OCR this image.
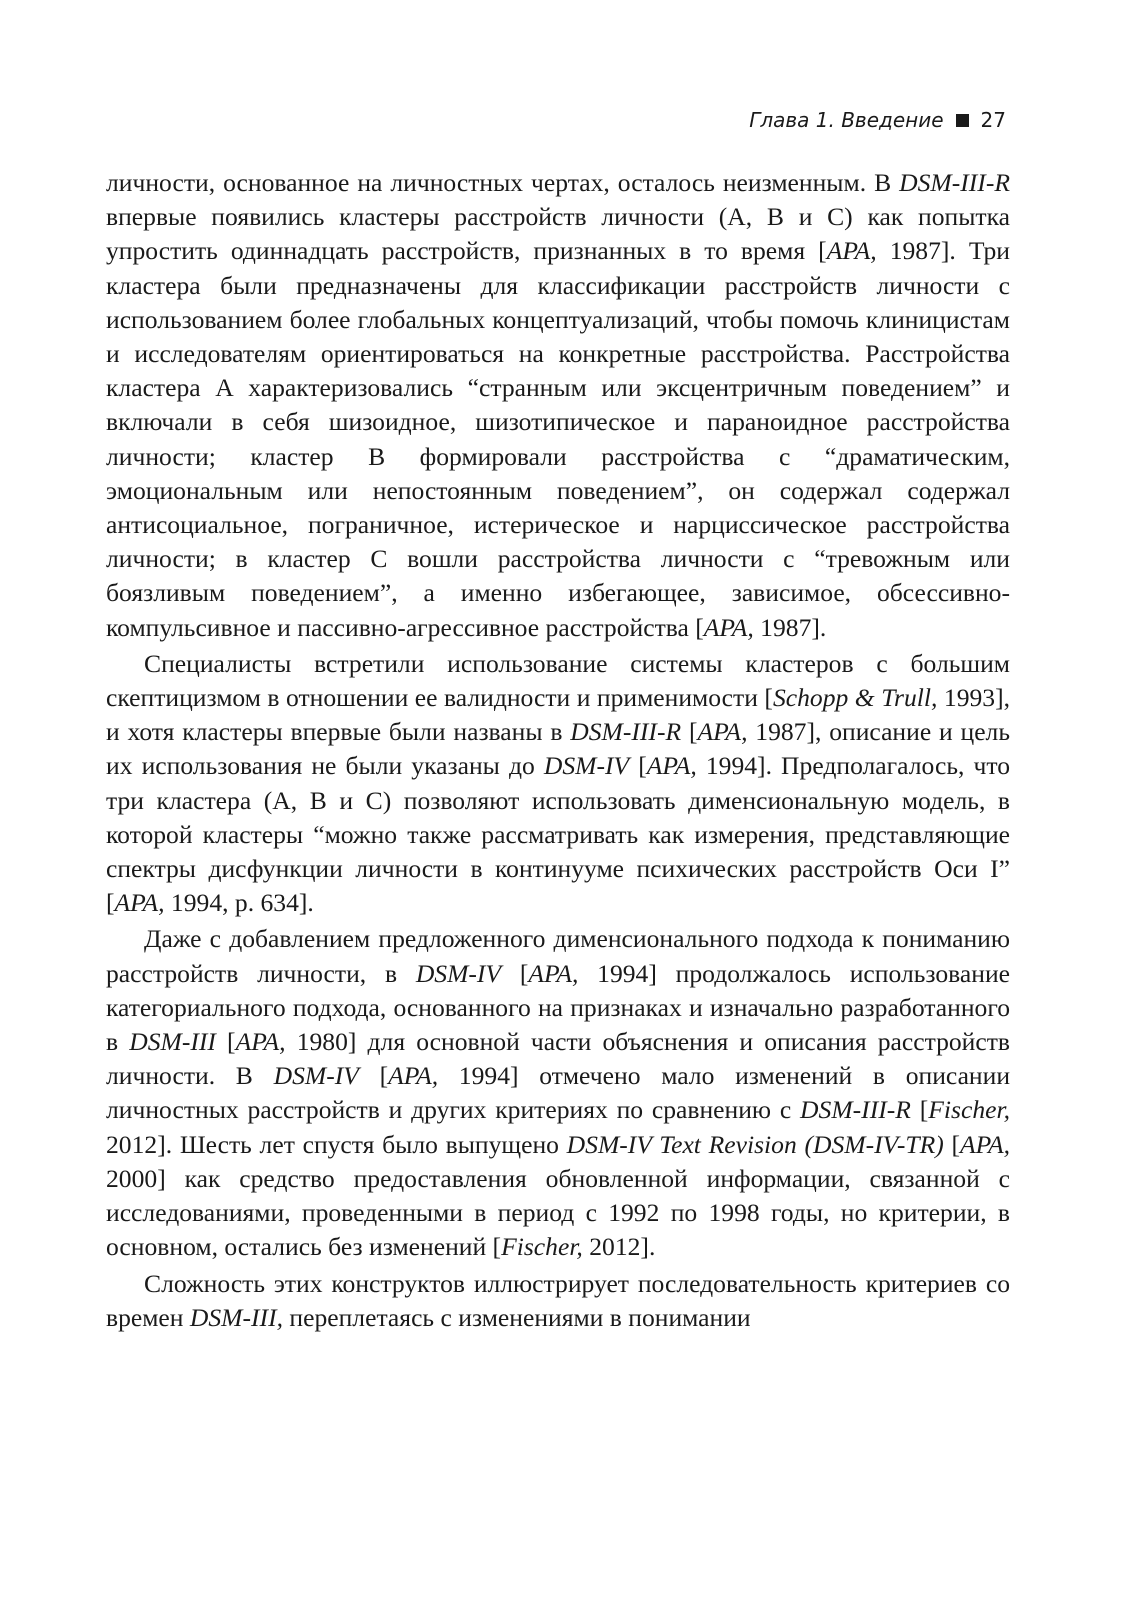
Глава 1. Введение 27

личности, основанное на личностных чертах, осталось неизменным. В DSM-III-R впервые появились кластеры расстройств личности (А, В и С) как попытка упростить одиннадцать расстройств, признанных в то время [APA, 1987]. Три кластера были предназначены для классификации расстройств личности с использованием более глобальных концептуализаций, чтобы помочь клиницистам и исследователям ориентироваться на конкретные расстройства. Расстройства кластера А характеризовались “странным или эксцентричным поведением” и включали в себя шизоидное, шизотипическое и параноидное расстройства личности; кластер В формировали расстройства с “драматическим, эмоциональным или непостоянным поведением”, он содержал содержал антисоциальное, пограничное, истерическое и нарциссическое расстройства личности; в кластер С вошли расстройства личности с “тревожным или боязливым поведением”, а именно избегающее, зависимое, обсессивно-компульсивное и пассивно-агрессивное расстройства [APA, 1987].

Специалисты встретили использование системы кластеров с большим скептицизмом в отношении ее валидности и применимости [Schopp & Trull, 1993], и хотя кластеры впервые были названы в DSM-III-R [APA, 1987], описание и цель их использования не были указаны до DSM-IV [APA, 1994]. Предполагалось, что три кластера (А, В и С) позволяют использовать дименсиональную модель, в которой кластеры “можно также рассматривать как измерения, представляющие спектры дисфункции личности в континууме психических расстройств Оси I” [APA, 1994, p. 634].

Даже с добавлением предложенного дименсионального подхода к пониманию расстройств личности, в DSM-IV [APA, 1994] продолжалось использование категориального подхода, основанного на признаках и изначально разработанного в DSM-III [APA, 1980] для основной части объяснения и описания расстройств личности. В DSM-IV [APA, 1994] отмечено мало изменений в описании личностных расстройств и других критериях по сравнению с DSM-III-R [Fischer, 2012]. Шесть лет спустя было выпущено DSM-IV Text Revision (DSM-IV-TR) [APA, 2000] как средство предоставления обновленной информации, связанной с исследованиями, проведенными в период с 1992 по 1998 годы, но критерии, в основном, остались без изменений [Fischer, 2012].

Сложность этих конструктов иллюстрирует последовательность критериев со времен DSM-III, переплетаясь с изменениями в понимании
